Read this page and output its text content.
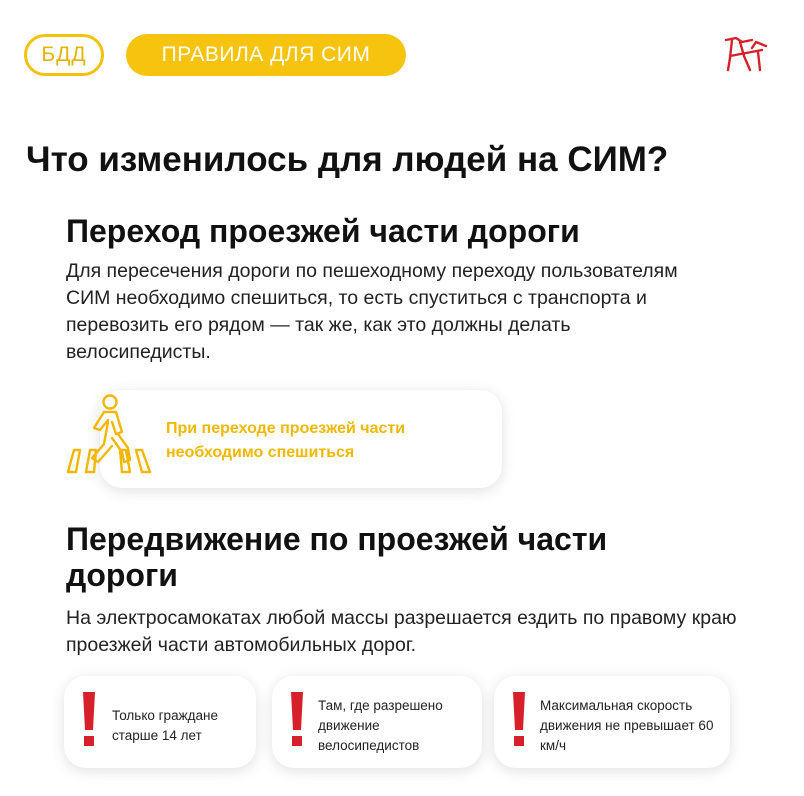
БДД	ПРАВИЛА ДЛЯ СИМ
Что изменилось для людей на СИМ?
Переход проезжей части дороги

Для пересечения дороги по пешеходному переходу пользователям СИМ необходимо спешиться, то есть спуститься с транспорта и перевозить его рядом — так же, как это должны делать велосипедисты.

При переходе проезжей части необходимо спешиться
Передвижение по проезжей части дороги

На электросамокатах любой массы разрешается ездить по правому краю проезжей части автомобильных дорог.

Только граждане старше 14 лет
Там, где разрешено движение велосипедистов
Максимальная скорость движения не превышает 60 км/ч
